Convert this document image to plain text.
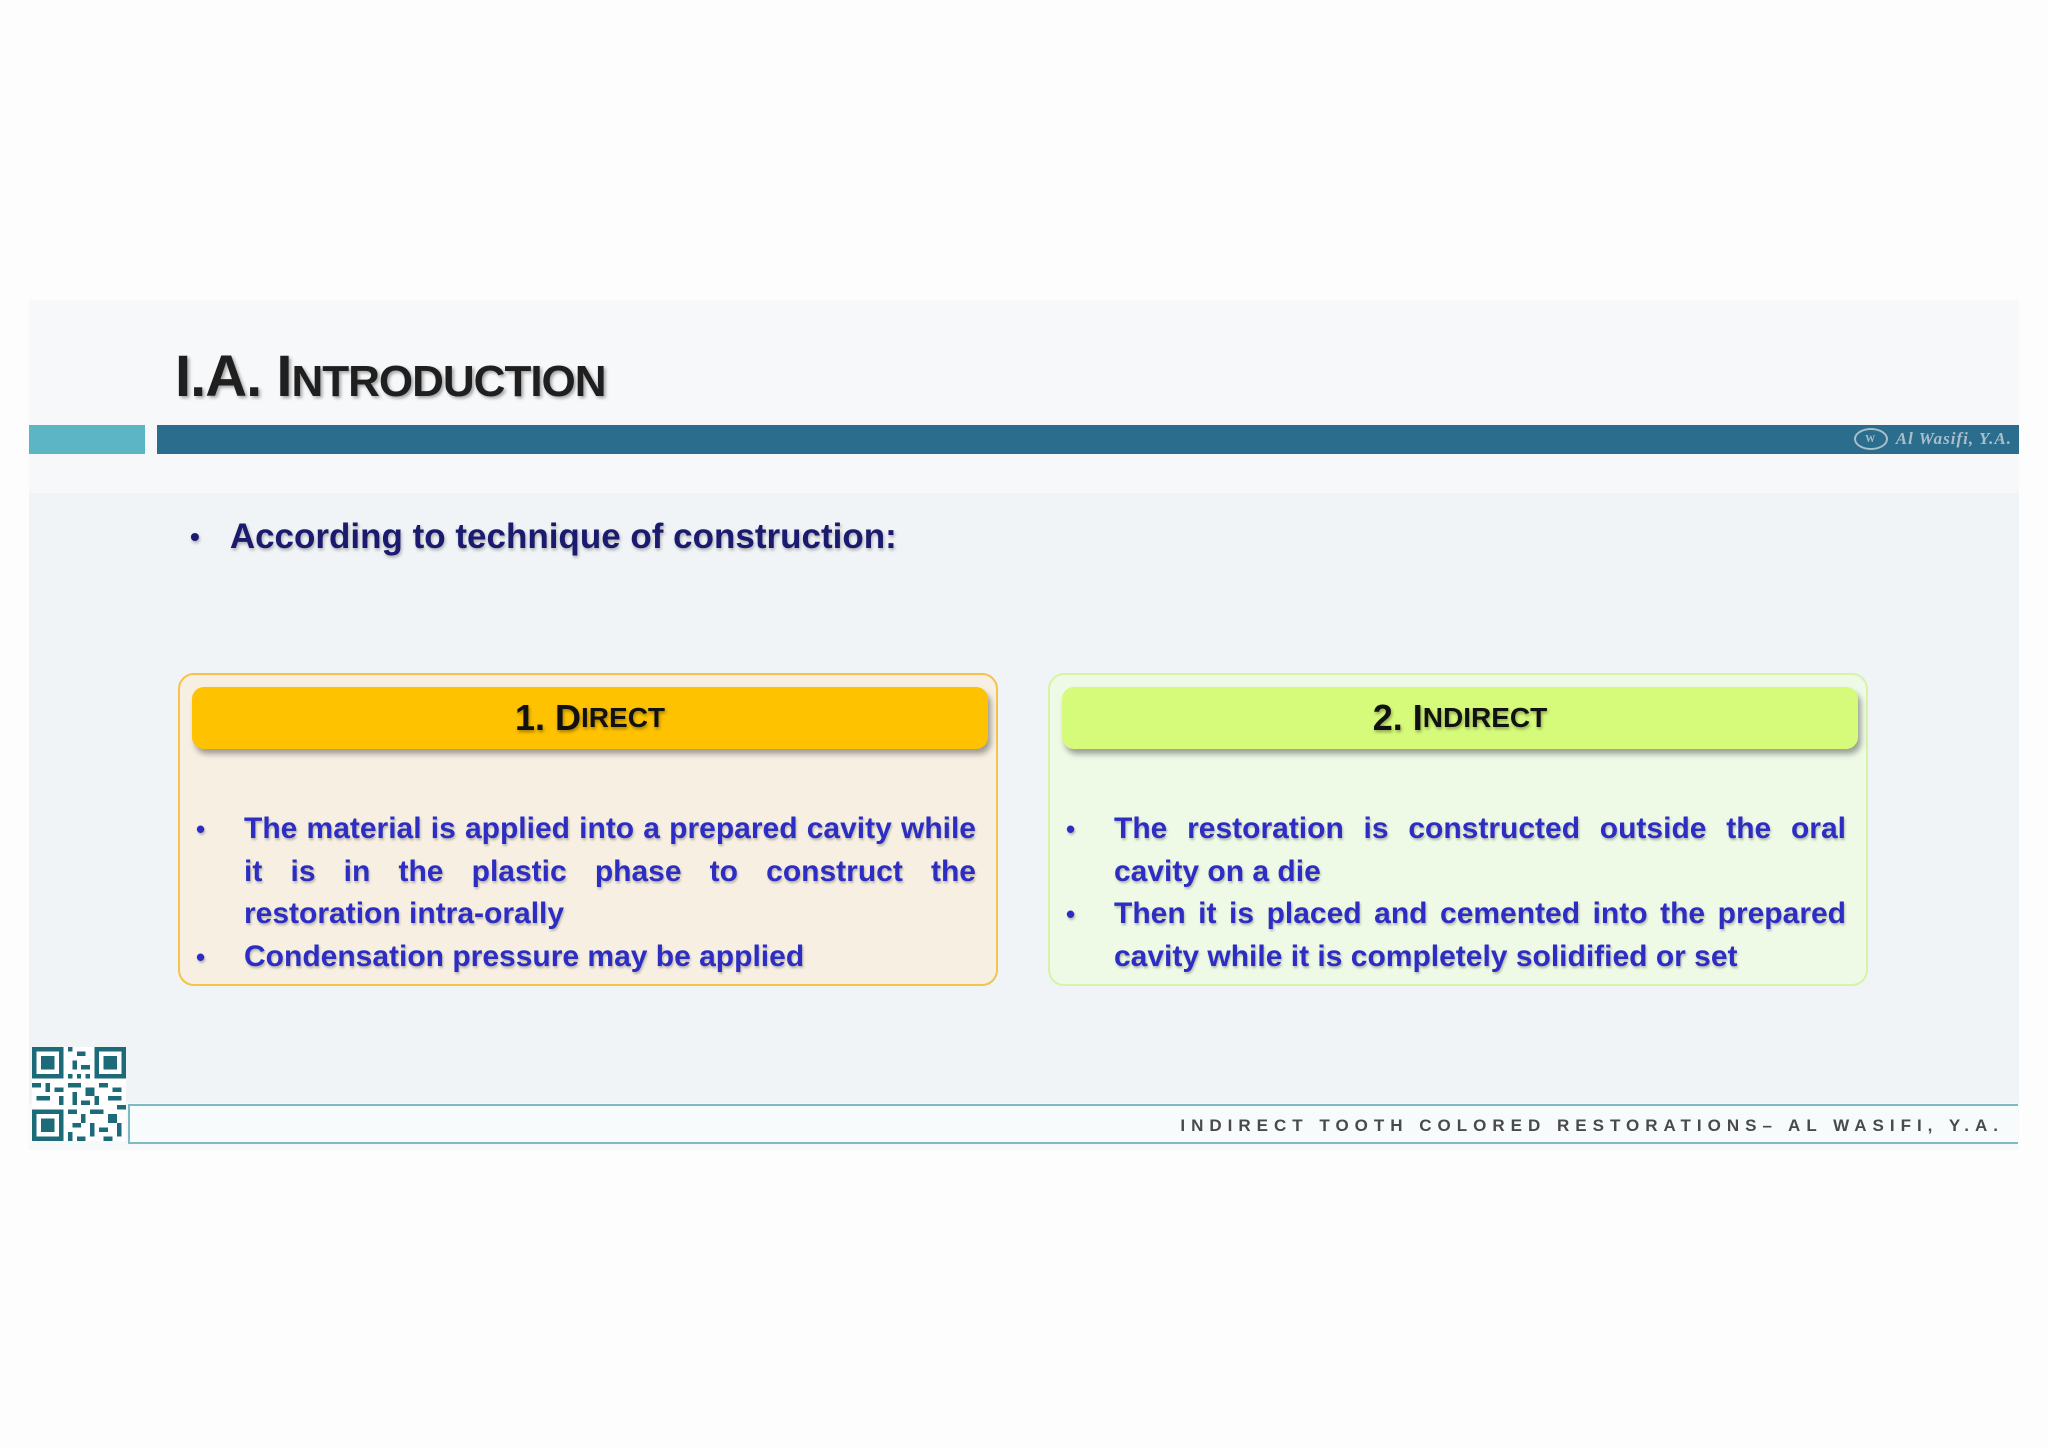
I.A. INTRODUCTION
W	Al Wasifi, Y.A.
• According to technique of construction:
1. D IRECT
• The material is applied into a prepared cavity while it is in the plastic phase to construct the restoration intra-orally
• Condensation pressure may be applied
2. I NDIRECT
• The restoration is constructed outside the oral cavity on a die
• Then it is placed and cemented into the prepared cavity while it is completely solidified or set
INDIRECT TOOTH COLORED RESTORATIONS– AL WASIFI, Y.A.
